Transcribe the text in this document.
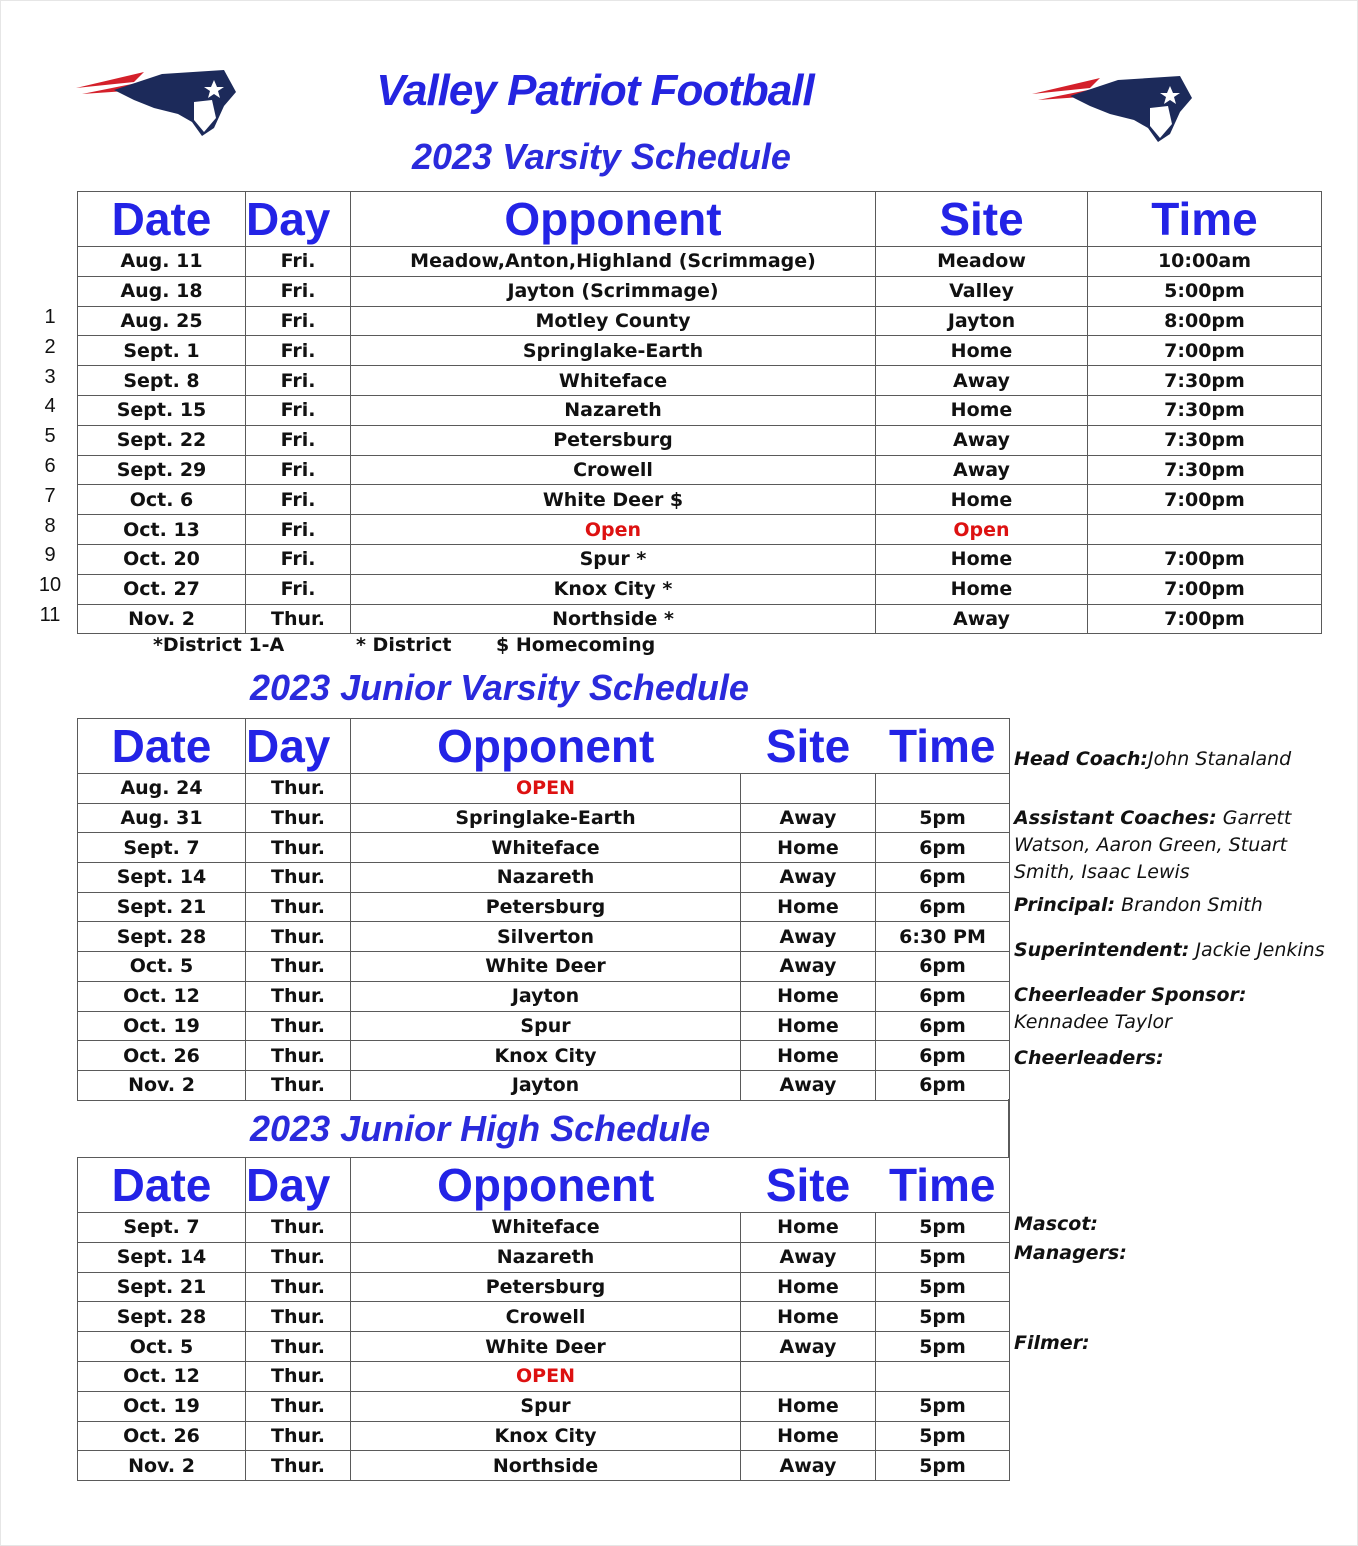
Valley Patriot Football
2023 Varsity Schedule
Date	Day	Opponent	Site	Time
Aug. 11	Fri.	Meadow,Anton,Highland (Scrimmage)	Meadow	10:00am
Aug. 18	Fri.	Jayton (Scrimmage)	Valley	5:00pm
Aug. 25	Fri.	Motley County	Jayton	8:00pm
Sept. 1	Fri.	Springlake-Earth	Home	7:00pm
Sept. 8	Fri.	Whiteface	Away	7:30pm
Sept. 15	Fri.	Nazareth	Home	7:30pm
Sept. 22	Fri.	Petersburg	Away	7:30pm
Sept. 29	Fri.	Crowell	Away	7:30pm
Oct. 6	Fri.	White Deer $	Home	7:00pm
Oct. 13	Fri.	Open	Open	
Oct. 20	Fri.	Spur *	Home	7:00pm
Oct. 27	Fri.	Knox City *	Home	7:00pm
Nov. 2	Thur.	Northside *	Away	7:00pm
1
2
3
4
5
6
7
8
9
10
11
*District 1-A	* District $ Homecoming
2023 Junior Varsity Schedule
Date	Day	Opponent	Site	Time
Aug. 24	Thur.	OPEN		
Aug. 31	Thur.	Springlake-Earth	Away	5pm
Sept. 7	Thur.	Whiteface	Home	6pm
Sept. 14	Thur.	Nazareth	Away	6pm
Sept. 21	Thur.	Petersburg	Home	6pm
Sept. 28	Thur.	Silverton	Away	6:30 PM
Oct. 5	Thur.	White Deer	Away	6pm
Oct. 12	Thur.	Jayton	Home	6pm
Oct. 19	Thur.	Spur	Home	6pm
Oct. 26	Thur.	Knox City	Home	6pm
Nov. 2	Thur.	Jayton	Away	6pm
2023 Junior High Schedule
Date	Day	Opponent	Site	Time
Sept. 7	Thur.	Whiteface	Home	5pm
Sept. 14	Thur.	Nazareth	Away	5pm
Sept. 21	Thur.	Petersburg	Home	5pm
Sept. 28	Thur.	Crowell	Home	5pm
Oct. 5	Thur.	White Deer	Away	5pm
Oct. 12	Thur.	OPEN		
Oct. 19	Thur.	Spur	Home	5pm
Oct. 26	Thur.	Knox City	Home	5pm
Nov. 2	Thur.	Northside	Away	5pm
Head Coach:John Stanaland
Assistant Coaches: Garrett Watson, Aaron Green, Stuart Smith, Isaac Lewis
Principal: Brandon Smith
Superintendent: Jackie Jenkins
Cheerleader Sponsor: Kennadee Taylor
Cheerleaders:
Mascot:
Managers:
Filmer:
